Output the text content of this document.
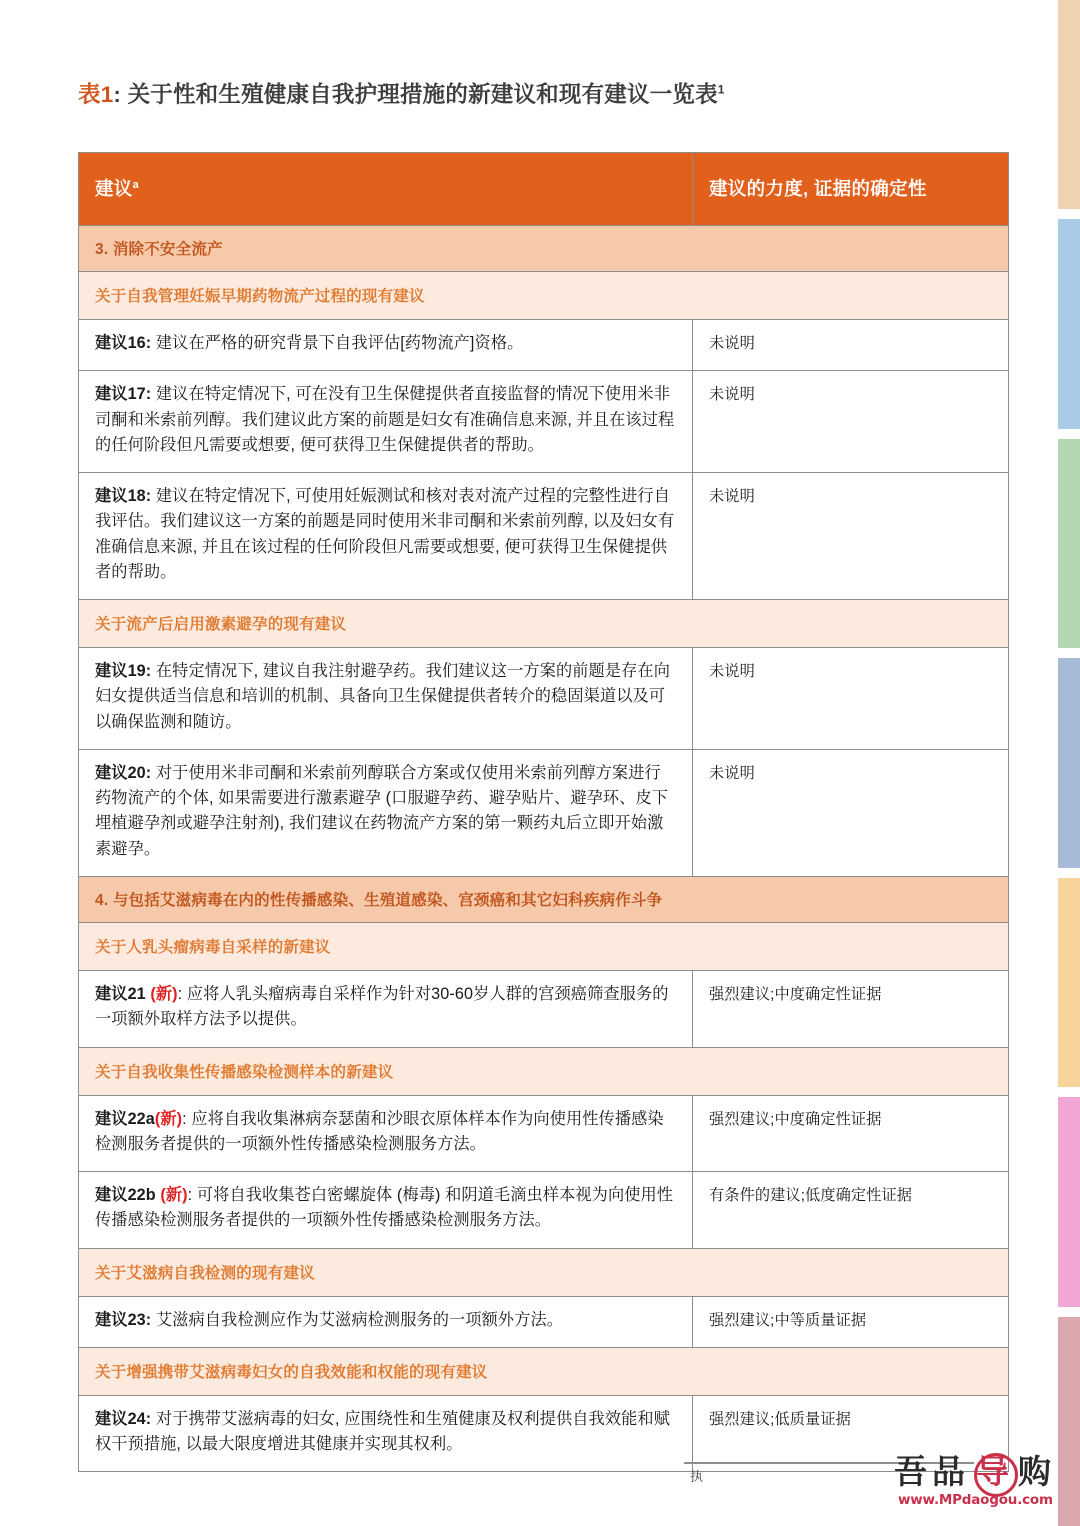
表1: 关于性和生殖健康自我护理措施的新建议和现有建议一览表$^1$
建议$^a$	建议的力度, 证据的确定性
3. 消除不安全流产	
关于自我管理妊娠早期药物流产过程的现有建议	
建议16: 建议在严格的研究背景下自我评估[药物流产]资格。	未说明
建议17: 建议在特定情况下, 可在没有卫生保健提供者直接监督的情况下使用米非司酮和米索前列醇。我们建议此方案的前题是妇女有准确信息来源, 并且在该过程的任何阶段但凡需要或想要, 便可获得卫生保健提供者的帮助。	未说明
建议18: 建议在特定情况下, 可使用妊娠测试和核对表对流产过程的完整性进行自我评估。我们建议这一方案的前题是同时使用米非司酮和米索前列醇, 以及妇女有准确信息来源, 并且在该过程的任何阶段但凡需要或想要, 便可获得卫生保健提供者的帮助。	未说明
关于流产后启用激素避孕的现有建议	
建议19: 在特定情况下, 建议自我注射避孕药。我们建议这一方案的前题是存在向妇女提供适当信息和培训的机制、具备向卫生保健提供者转介的稳固渠道以及可以确保监测和随访。	未说明
建议20: 对于使用米非司酮和米索前列醇联合方案或仅使用米索前列醇方案进行药物流产的个体, 如果需要进行激素避孕 (口服避孕药、避孕贴片、避孕环、皮下埋植避孕剂或避孕注射剂), 我们建议在药物流产方案的第一颗药丸后立即开始激素避孕。	未说明
4. 与包括艾滋病毒在内的性传播感染、生殖道感染、宫颈癌和其它妇科疾病作斗争	
关于人乳头瘤病毒自采样的新建议	
建议21 (新): 应将人乳头瘤病毒自采样作为针对30-60岁人群的宫颈癌筛查服务的一项额外取样方法予以提供。	强烈建议;中度确定性证据
关于自我收集性传播感染检测样本的新建议	
建议22a(新): 应将自我收集淋病奈瑟菌和沙眼衣原体样本作为向使用性传播感染检测服务者提供的一项额外性传播感染检测服务方法。	强烈建议;中度确定性证据
建议22b (新): 可将自我收集苍白密螺旋体 (梅毒) 和阴道毛滴虫样本视为向使用性传播感染检测服务者提供的一项额外性传播感染检测服务方法。	有条件的建议;低度确定性证据
关于艾滋病自我检测的现有建议	
建议23: 艾滋病自我检测应作为艾滋病检测服务的一项额外方法。	强烈建议;中等质量证据
关于增强携带艾滋病毒妇女的自我效能和权能的现有建议	
建议24: 对于携带艾滋病毒的妇女, 应围绕性和生殖健康及权利提供自我效能和赋权干预措施, 以最大限度增进其健康并实现其权利。	强烈建议;低质量证据
执	吾 品 导 购
www.MPdaogou.com
